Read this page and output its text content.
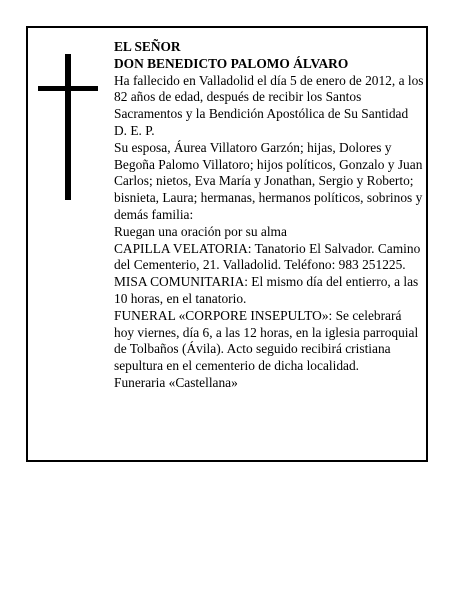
EL SEÑOR

DON BENEDICTO PALOMO ÁLVARO

Ha fallecido en Valladolid el día 5 de enero de 2012, a los 82 años de edad, después de recibir los Santos Sacramentos y la Bendición Apostólica de Su Santidad

D. E. P.

Su esposa, Áurea Villatoro Garzón; hijas, Dolores y Begoña Palomo Villatoro; hijos políticos, Gonzalo y Juan Carlos; nietos, Eva María y Jonathan, Sergio y Roberto; bisnieta, Laura; hermanas, hermanos políticos, sobrinos y demás familia:

Ruegan una oración por su alma

CAPILLA VELATORIA: Tanatorio El Salvador. Camino del Cementerio, 21. Valladolid. Teléfono: 983 251225.

MISA COMUNITARIA: El mismo día del entierro, a las 10 horas, en el tanatorio.

FUNERAL «CORPORE INSEPULTO»: Se celebrará hoy viernes, día 6, a las 12 horas, en la iglesia parroquial de Tolbaños (Ávila). Acto seguido recibirá cristiana sepultura en el cementerio de dicha localidad.

Funeraria «Castellana»
